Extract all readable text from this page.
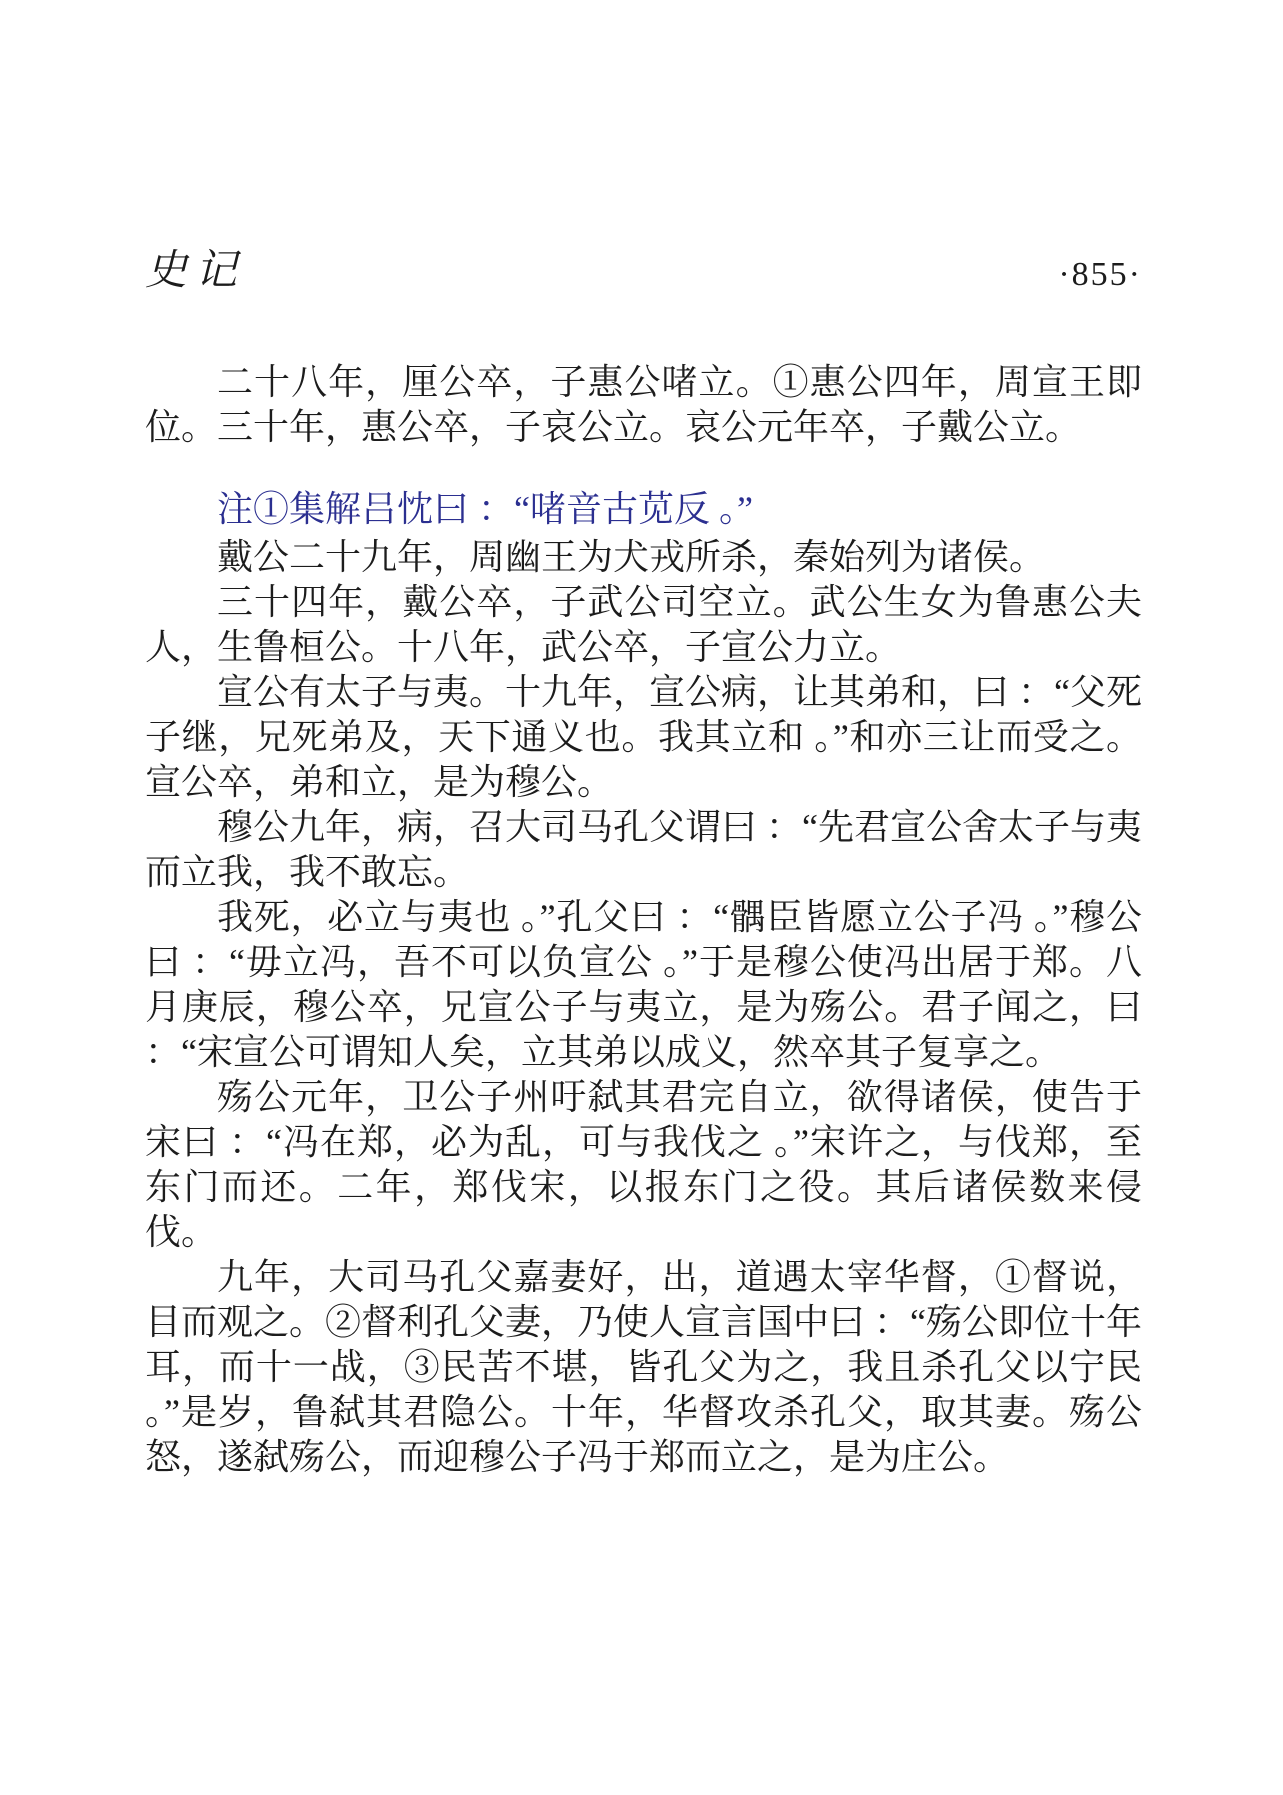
史记	·855·

二十八年，厘公卒，子惠公啫立。①惠公四年，周宣王即位。三十年，惠公卒，子哀公立。哀公元年卒，子戴公立。

注①集解吕忱曰 ：“啫音古苋反 。”

戴公二十九年，周幽王为犬戎所杀，秦始列为诸侯。

三十四年，戴公卒，子武公司空立。武公生女为鲁惠公夫人，生鲁桓公。十八年，武公卒，子宣公力立。

宣公有太子与夷。十九年，宣公病，让其弟和，曰 ：“父死子继，兄死弟及，天下通义也。我其立和 。”和亦三让而受之。宣公卒，弟和立，是为穆公。

穆公九年，病，召大司马孔父谓曰 ：“先君宣公舍太子与夷而立我，我不敢忘。

我死，必立与夷也 。”孔父曰 ：“髃臣皆愿立公子冯 。”穆公曰 ：“毋立冯，吾不可以负宣公 。”于是穆公使冯出居于郑。八月庚辰，穆公卒，兄宣公子与夷立，是为殇公。君子闻之，曰 ：“宋宣公可谓知人矣，立其弟以成义，然卒其子复享之。

殇公元年，卫公子州吁弑其君完自立，欲得诸侯，使告于宋曰 ：“冯在郑，必为乱，可与我伐之 。”宋许之，与伐郑，至东门而还。二年，郑伐宋，以报东门之役。其后诸侯数来侵伐。

九年，大司马孔父嘉妻好，出，道遇太宰华督，①督说，目而观之。②督利孔父妻，乃使人宣言国中曰 ：“殇公即位十年耳，而十一战，③民苦不堪，皆孔父为之，我且杀孔父以宁民 。”是岁，鲁弑其君隐公。十年，华督攻杀孔父，取其妻。殇公怒，遂弑殇公，而迎穆公子冯于郑而立之，是为庄公。
